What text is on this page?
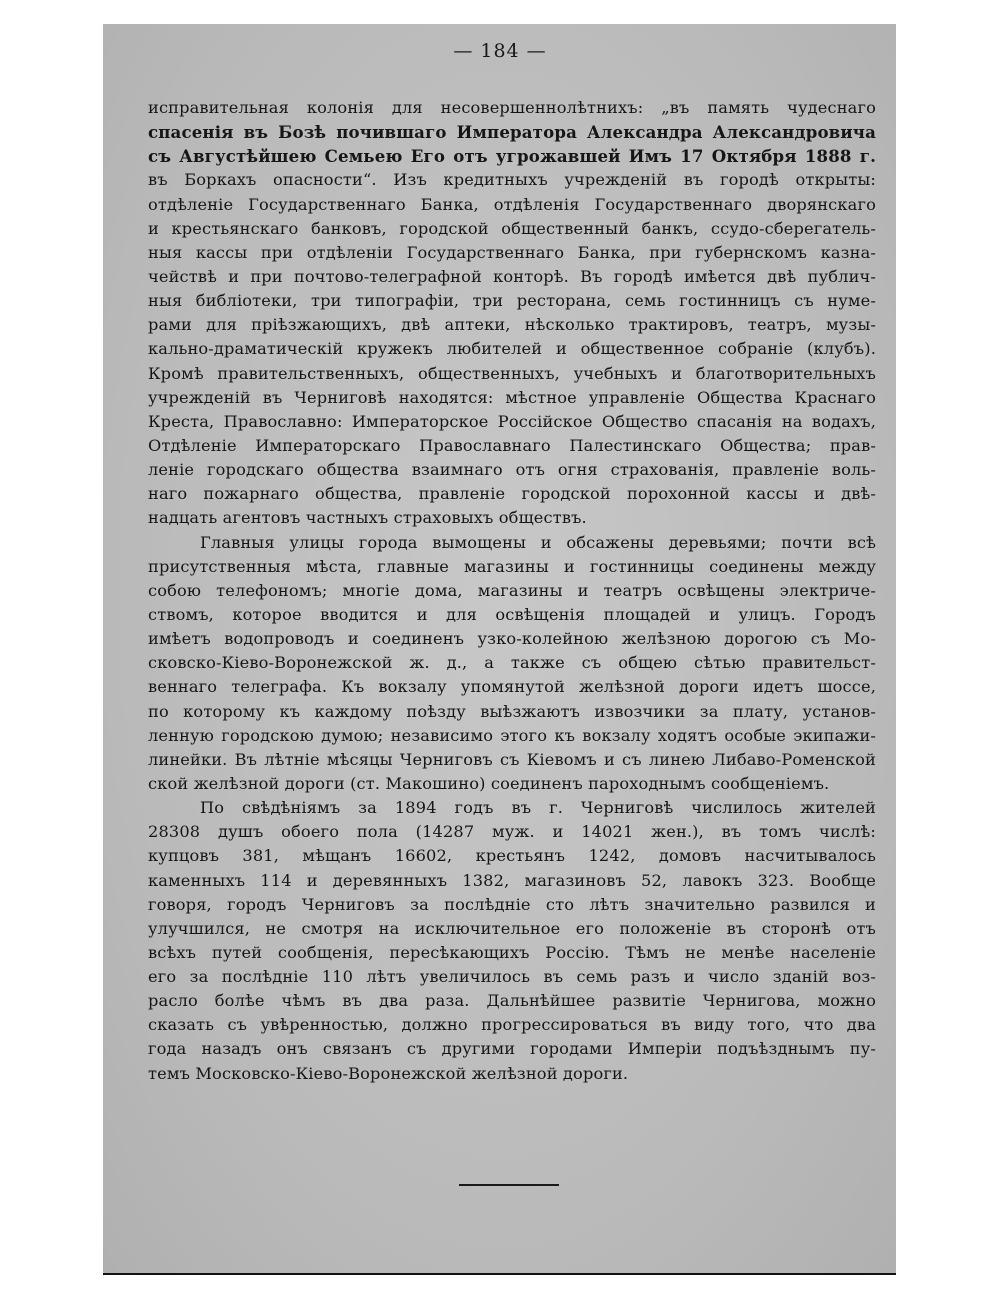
— 184 —
исправительная колонія для несовершеннолѣтнихъ: „въ память чудеснаго
спасенія въ Бозѣ почившаго Императора Александра Александровича
съ Августѣйшею Семьею Его отъ угрожавшей Имъ 17 Октября 1888 г.
въ Боркахъ опасности“. Изъ кредитныхъ учрежденій въ городѣ открыты:
отдѣленіе Государственнаго Банка, отдѣленія Государственнаго дворянскаго
и крестьянскаго банковъ, городской общественный банкъ, ссудо-сберегатель-
ныя кассы при отдѣленіи Государственнаго Банка, при губернскомъ казна-
чействѣ и при почтово-телеграфной конторѣ. Въ городѣ имѣется двѣ публич-
ныя библіотеки, три типографіи, три ресторана, семь гостинницъ съ нуме-
рами для пріѣзжающихъ, двѣ аптеки, нѣсколько трактировъ, театръ, музы-
кально-драматическій кружекъ любителей и общественное собраніе (клубъ).
Кромѣ правительственныхъ, общественныхъ, учебныхъ и благотворительныхъ
учрежденій въ Черниговѣ находятся: мѣстное управленіе Общества Краснаго
Креста, Православно: Императорское Россійское Общество спасанія на водахъ,
Отдѣленіе Императорскаго Православнаго Палестинскаго Общества; прав-
леніе городскаго общества взаимнаго отъ огня страхованія, правленіе воль-
наго пожарнаго общества, правленіе городской порохонной кассы и двѣ-
надцать агентовъ частныхъ страховыхъ обществъ.
Главныя улицы города вымощены и обсажены деревьями; почти всѣ
присутственныя мѣста, главные магазины и гостинницы соединены между
собою телефономъ; многіе дома, магазины и театръ освѣщены электриче-
ствомъ, которое вводится и для освѣщенія площадей и улицъ. Городъ
имѣетъ водопроводъ и соединенъ узко-колейною желѣзною дорогою съ Мо-
сковско-Кіево-Воронежской ж. д., а также съ общею сѣтью правительст-
веннаго телеграфа. Къ вокзалу упомянутой желѣзной дороги идетъ шоссе,
по которому къ каждому поѣзду выѣзжаютъ извозчики за плату, установ-
ленную городскою думою; независимо этого къ вокзалу ходятъ особые экипажи-
линейки. Въ лѣтніе мѣсяцы Черниговъ съ Кіевомъ и съ линею Либаво-Роменской
ской желѣзной дороги (ст. Макошино) соединенъ пароходнымъ сообщеніемъ.
По свѣдѣніямъ за 1894 годъ въ г. Черниговѣ числилось жителей
28308 душъ обоего пола (14287 муж. и 14021 жен.), въ томъ числѣ:
купцовъ 381, мѣщанъ 16602, крестьянъ 1242, домовъ насчитывалось
каменныхъ 114 и деревянныхъ 1382, магазиновъ 52, лавокъ 323. Вообще
говоря, городъ Черниговъ за послѣдніе сто лѣтъ значительно развился и
улучшился, не смотря на исключительное его положеніе въ сторонѣ отъ
всѣхъ путей сообщенія, пересѣкающихъ Россію. Тѣмъ не менѣе населеніе
его за послѣдніе 110 лѣтъ увеличилось въ семь разъ и число зданій воз-
расло болѣе чѣмъ въ два раза. Дальнѣйшее развитіе Чернигова, можно
сказать съ увѣренностью, должно прогрессироваться въ виду того, что два
года назадъ онъ связанъ съ другими городами Имперіи подъѣзднымъ пу-
темъ Московско-Кіево-Воронежской желѣзной дороги.
